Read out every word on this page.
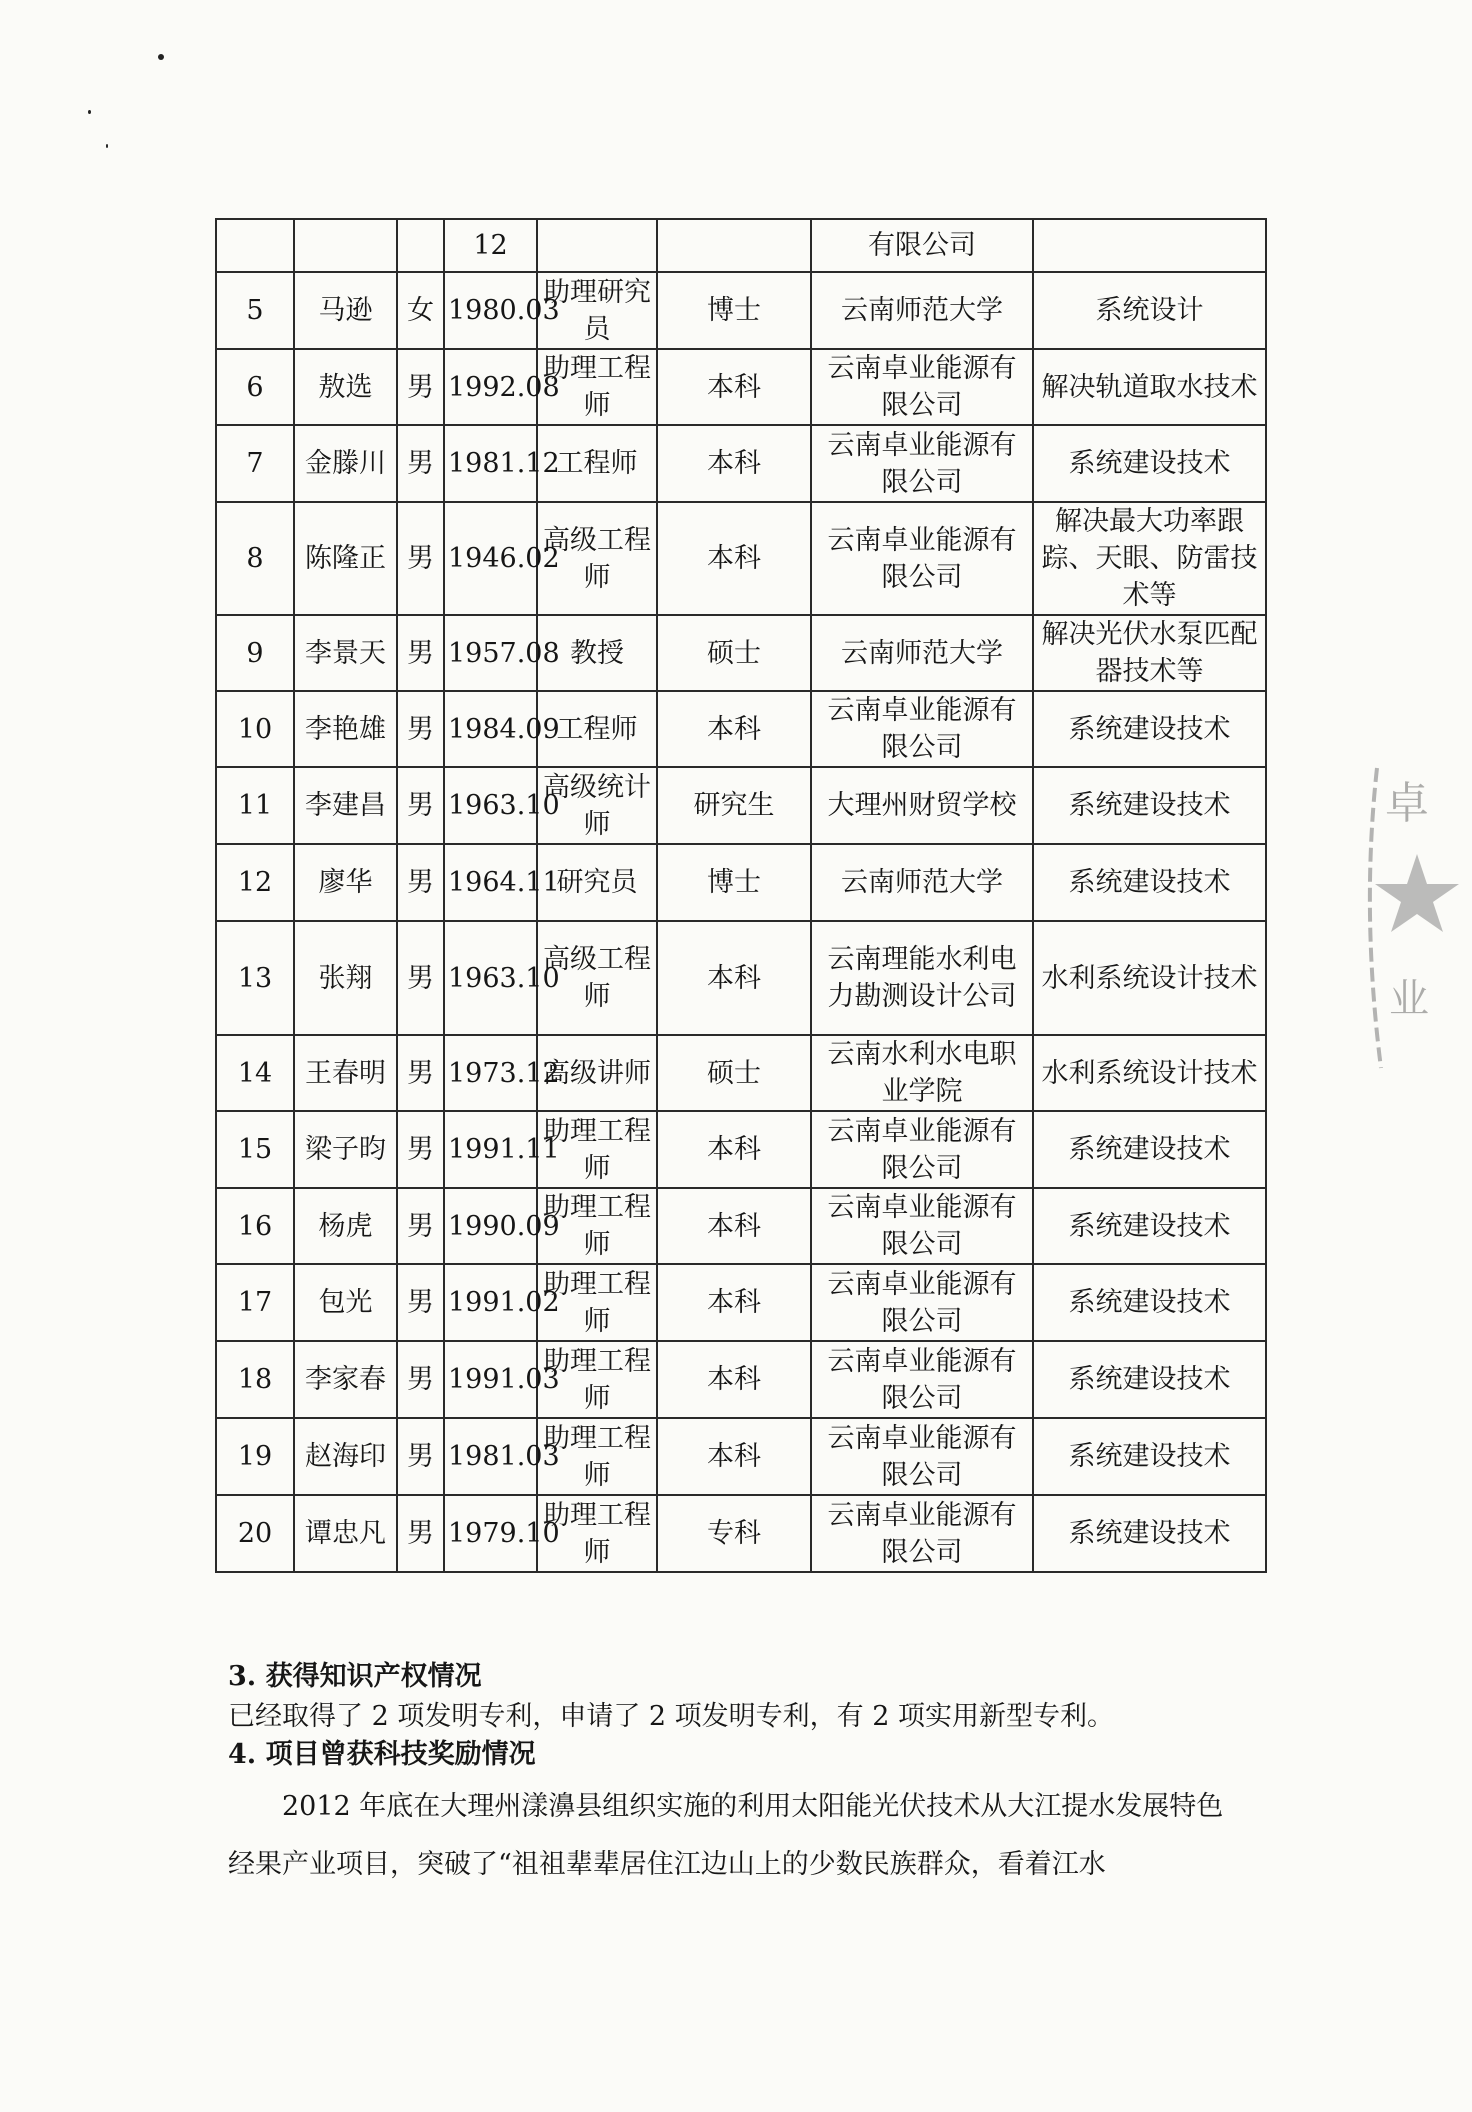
			12			有限公司	
5	马逊	女	1980.03	助理研究员	博士	云南师范大学	系统设计
6	敖选	男	1992.08	助理工程师	本科	云南卓业能源有限公司	解决轨道取水技术
7	金滕川	男	1981.12	工程师	本科	云南卓业能源有限公司	系统建设技术
8	陈隆正	男	1946.02	高级工程师	本科	云南卓业能源有限公司	解决最大功率跟踪、天眼、防雷技术等
9	李景天	男	1957.08	教授	硕士	云南师范大学	解决光伏水泵匹配器技术等
10	李艳雄	男	1984.09	工程师	本科	云南卓业能源有限公司	系统建设技术
11	李建昌	男	1963.10	高级统计师	研究生	大理州财贸学校	系统建设技术
12	廖华	男	1964.11	研究员	博士	云南师范大学	系统建设技术
13	张翔	男	1963.10	高级工程师	本科	云南理能水利电力勘测设计公司	水利系统设计技术
14	王春明	男	1973.12	高级讲师	硕士	云南水利水电职业学院	水利系统设计技术
15	梁子昀	男	1991.11	助理工程师	本科	云南卓业能源有限公司	系统建设技术
16	杨虎	男	1990.09	助理工程师	本科	云南卓业能源有限公司	系统建设技术
17	包光	男	1991.02	助理工程师	本科	云南卓业能源有限公司	系统建设技术
18	李家春	男	1991.03	助理工程师	本科	云南卓业能源有限公司	系统建设技术
19	赵海印	男	1981.03	助理工程师	本科	云南卓业能源有限公司	系统建设技术
20	谭忠凡	男	1979.10	助理工程师	专科	云南卓业能源有限公司	系统建设技术
3. 获得知识产权情况
已经取得了 2 项发明专利，申请了 2 项发明专利，有 2 项实用新型专利。
4. 项目曾获科技奖励情况

2012 年底在大理州漾濞县组织实施的利用太阳能光伏技术从大江提水发展特色经果产业项目，突破了“祖祖辈辈居住江边山上的少数民族群众，看着江水

卓
业
